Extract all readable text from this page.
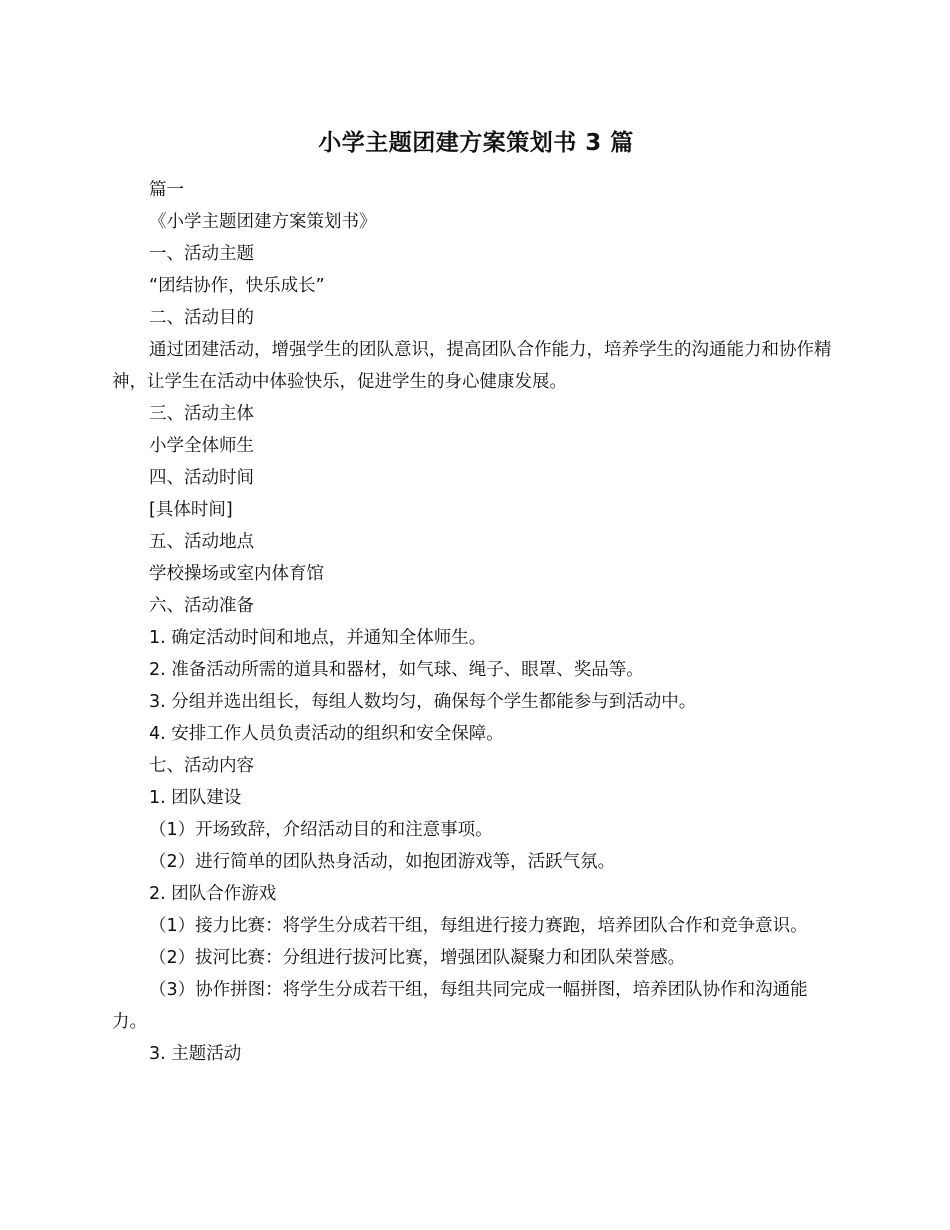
小学主题团建方案策划书 3 篇

篇一

《小学主题团建方案策划书》

一、活动主题

“团结协作，快乐成长”

二、活动目的

通过团建活动，增强学生的团队意识，提高团队合作能力，培养学生的沟通能力和协作精神，让学生在活动中体验快乐，促进学生的身心健康发展。

三、活动主体

小学全体师生

四、活动时间

[具体时间]

五、活动地点

学校操场或室内体育馆

六、活动准备

1. 确定活动时间和地点，并通知全体师生。

2. 准备活动所需的道具和器材，如气球、绳子、眼罩、奖品等。

3. 分组并选出组长，每组人数均匀，确保每个学生都能参与到活动中。

4. 安排工作人员负责活动的组织和安全保障。

七、活动内容

1. 团队建设

（1）开场致辞，介绍活动目的和注意事项。

（2）进行简单的团队热身活动，如抱团游戏等，活跃气氛。

2. 团队合作游戏

（1）接力比赛：将学生分成若干组，每组进行接力赛跑，培养团队合作和竞争意识。

（2）拔河比赛：分组进行拔河比赛，增强团队凝聚力和团队荣誉感。

（3）协作拼图：将学生分成若干组，每组共同完成一幅拼图，培养团队协作和沟通能力。

3. 主题活动
